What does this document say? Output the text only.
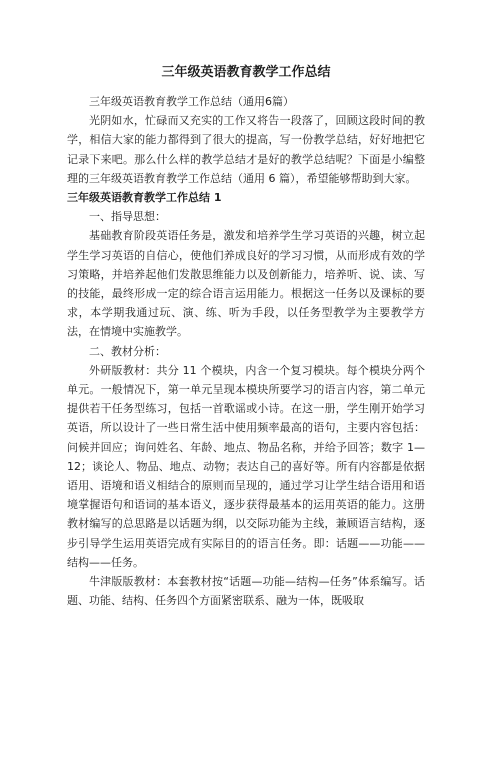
三年级英语教育教学工作总结

三年级英语教育教学工作总结（通用6篇）

光阴如水，忙碌而又充实的工作又将告一段落了，回顾这段时间的教学，相信大家的能力都得到了很大的提高，写一份教学总结，好好地把它记录下来吧。那么什么样的教学总结才是好的教学总结呢？下面是小编整理的三年级英语教育教学工作总结（通用 6 篇），希望能够帮助到大家。

三年级英语教育教学工作总结 1

一、指导思想：

基础教育阶段英语任务是，激发和培养学生学习英语的兴趣，树立起学生学习英语的自信心，使他们养成良好的学习习惯，从而形成有效的学习策略，并培养起他们发散思维能力以及创新能力，培养听、说、读、写的技能，最终形成一定的综合语言运用能力。根据这一任务以及课标的要求，本学期我通过玩、演、练、听为手段，以任务型教学为主要教学方法，在情境中实施教学。

二、教材分析：

外研版教材：共分 11 个模块，内含一个复习模块。每个模块分两个单元。一般情况下，第一单元呈现本模块所要学习的语言内容，第二单元提供若干任务型练习，包括一首歌谣或小诗。在这一册，学生刚开始学习英语，所以设计了一些日常生活中使用频率最高的语句，主要内容包括：问候并回应；询问姓名、年龄、地点、物品名称，并给予回答；数字 1—12；谈论人、物品、地点、动物；表达自己的喜好等。所有内容都是依据语用、语境和语义相结合的原则而呈现的，通过学习让学生结合语用和语境掌握语句和语词的基本语义，逐步获得最基本的运用英语的能力。这册教材编写的总思路是以话题为纲，以交际功能为主线，兼顾语言结构，逐步引导学生运用英语完成有实际目的的语言任务。即：话题——功能——结构——任务。

牛津版版教材：本套教材按“话题—功能—结构—任务”体系编写。话题、功能、结构、任务四个方面紧密联系、融为一体，既吸取
